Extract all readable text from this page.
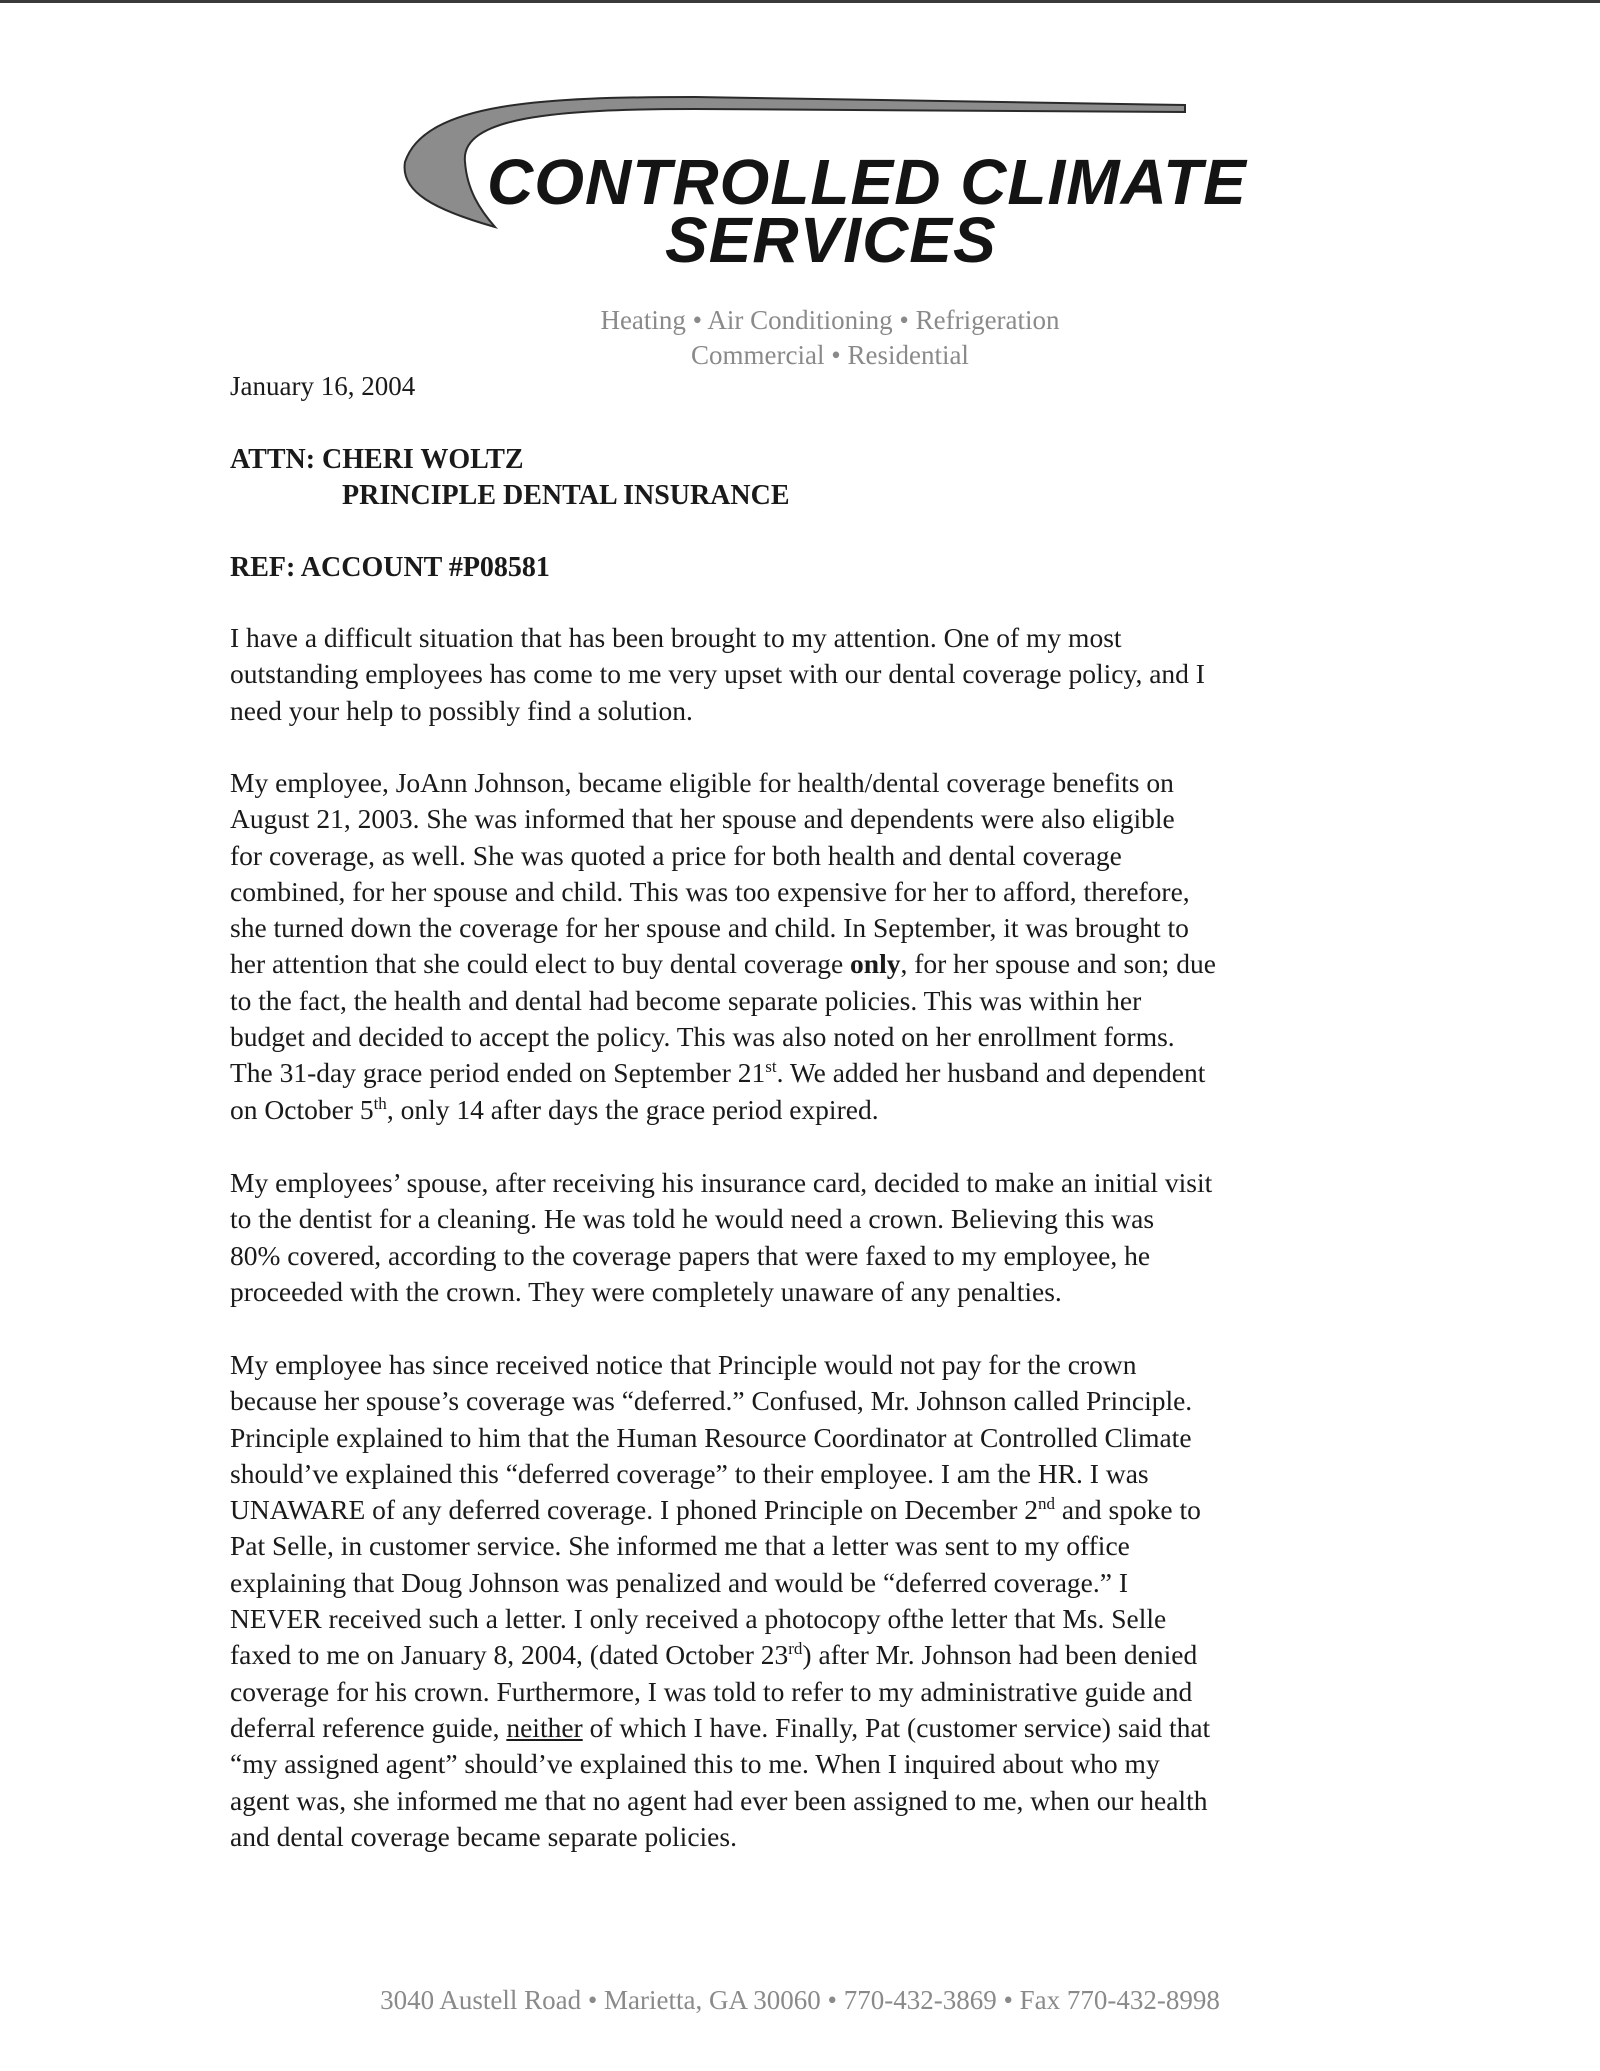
CONTROLLED CLIMATE
SERVICES
Heating • Air Conditioning • Refrigeration
Commercial • Residential
January 16, 2004
ATTN: CHERI WOLTZ
PRINCIPLE DENTAL INSURANCE
REF: ACCOUNT #P08581
I have a difficult situation that has been brought to my attention. One of my most
outstanding employees has come to me very upset with our dental coverage policy, and I
need your help to possibly find a solution.
My employee, JoAnn Johnson, became eligible for health/dental coverage benefits on
August 21, 2003. She was informed that her spouse and dependents were also eligible
for coverage, as well. She was quoted a price for both health and dental coverage
combined, for her spouse and child. This was too expensive for her to afford, therefore,
she turned down the coverage for her spouse and child. In September, it was brought to
her attention that she could elect to buy dental coverage only, for her spouse and son; due
to the fact, the health and dental had become separate policies. This was within her
budget and decided to accept the policy. This was also noted on her enrollment forms.
The 31-day grace period ended on September 21st. We added her husband and dependent
on October 5th, only 14 after days the grace period expired.
My employees’ spouse, after receiving his insurance card, decided to make an initial visit
to the dentist for a cleaning. He was told he would need a crown. Believing this was
80% covered, according to the coverage papers that were faxed to my employee, he
proceeded with the crown. They were completely unaware of any penalties.
My employee has since received notice that Principle would not pay for the crown
because her spouse’s coverage was “deferred.” Confused, Mr. Johnson called Principle.
Principle explained to him that the Human Resource Coordinator at Controlled Climate
should’ve explained this “deferred coverage” to their employee. I am the HR. I was
UNAWARE of any deferred coverage. I phoned Principle on December 2nd and spoke to
Pat Selle, in customer service. She informed me that a letter was sent to my office
explaining that Doug Johnson was penalized and would be “deferred coverage.” I
NEVER received such a letter. I only received a photocopy ofthe letter that Ms. Selle
faxed to me on January 8, 2004, (dated October 23rd) after Mr. Johnson had been denied
coverage for his crown. Furthermore, I was told to refer to my administrative guide and
deferral reference guide, neither of which I have. Finally, Pat (customer service) said that
“my assigned agent” should’ve explained this to me. When I inquired about who my
agent was, she informed me that no agent had ever been assigned to me, when our health
and dental coverage became separate policies.
3040 Austell Road • Marietta, GA 30060 • 770-432-3869 • Fax 770-432-8998
